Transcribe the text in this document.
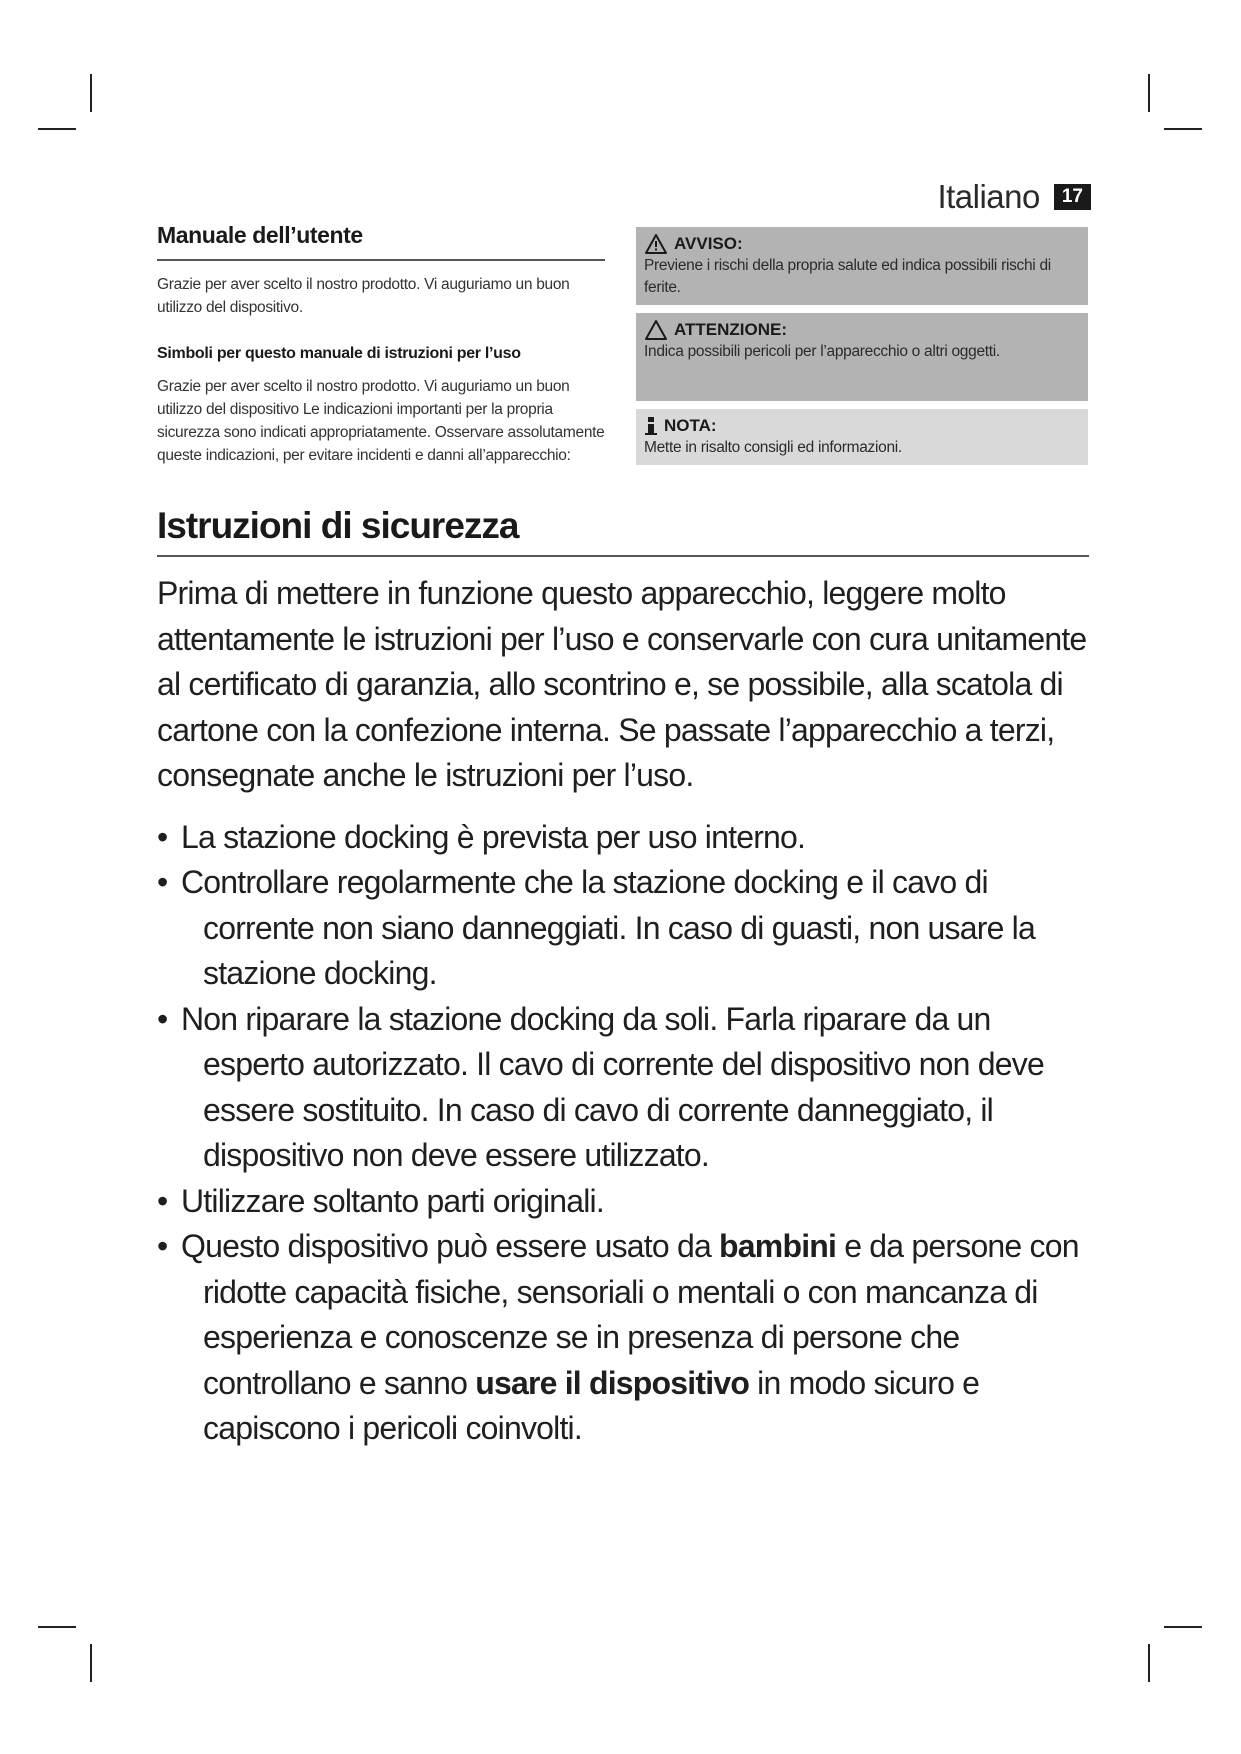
Italiano	17
Manuale dell’utente

Grazie per aver scelto il nostro prodotto. Vi auguriamo un buon utilizzo del dispositivo.

Simboli per questo manuale di istruzioni per l’uso

Grazie per aver scelto il nostro prodotto. Vi auguriamo un buon utilizzo del dispositivo Le indicazioni importanti per la propria sicurezza sono indicati appropriatamente. Osservare assolutamente queste indicazioni, per evitare incidenti e danni all’apparecchio:

AVVISO:
Previene i rischi della propria salute ed indica possibili rischi di ferite.
ATTENZIONE:
Indica possibili pericoli per l’apparecchio o altri oggetti.
NOTA:
Mette in risalto consigli ed informazioni.
Istruzioni di sicurezza

Prima di mettere in funzione questo apparecchio, leggere molto attentamente le istruzioni per l’uso e conservarle con cura unitamente al certificato di garanzia, allo scontrino e, se possibile, alla scatola di cartone con la confezione interna. Se passate l’apparecchio a terzi, consegnate anche le istruzioni per l’uso.

• La stazione docking è prevista per uso interno.
• Controllare regolarmente che la stazione docking e il cavo di corrente non siano danneggiati. In caso di guasti, non usare la stazione docking.
• Non riparare la stazione docking da soli. Farla riparare da un esperto autorizzato. Il cavo di corrente del dispositivo non deve essere sostituito. In caso di cavo di corrente danneggiato, il dispositivo non deve essere utilizzato.
• Utilizzare soltanto parti originali.
• Questo dispositivo può essere usato da bambini e da persone con ridotte capacità fisiche, sensoriali o mentali o con mancanza di esperienza e conoscenze se in presenza di persone che controllano e sanno usare il dispositivo in modo sicuro e capiscono i pericoli coinvolti.
